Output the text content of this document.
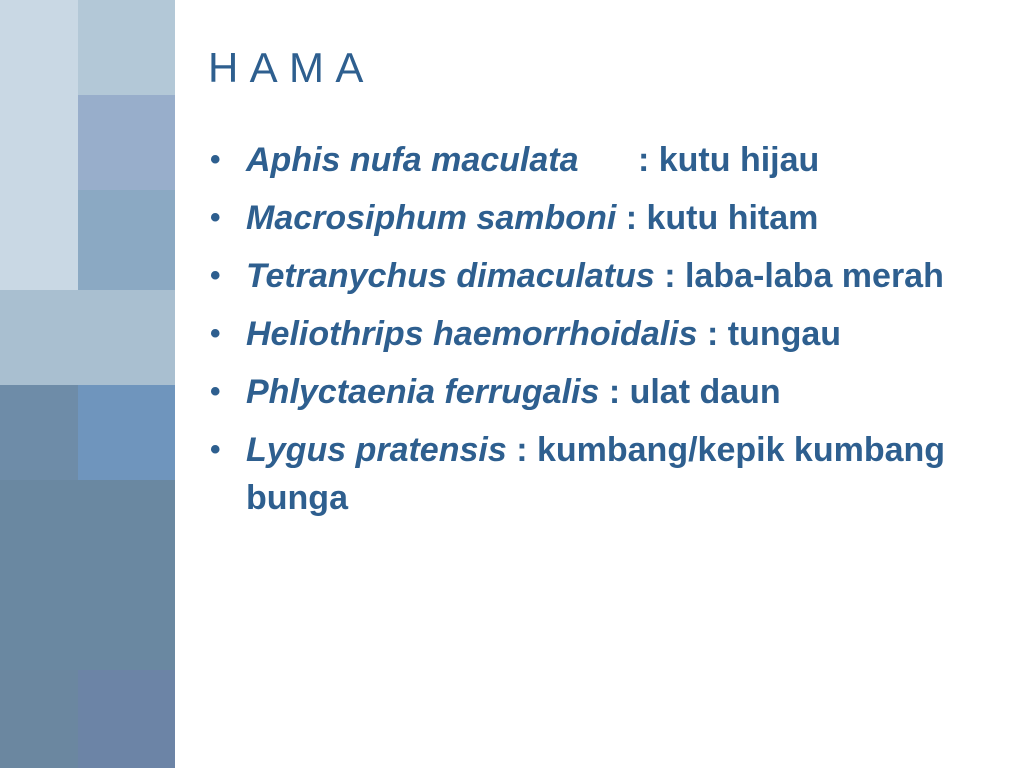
H A M A
• Aphis nufa maculata : kutu hijau
• Macrosiphum samboni : kutu hitam
• Tetranychus dimaculatus : laba-laba merah
• Heliothrips haemorrhoidalis : tungau
• Phlyctaenia ferrugalis : ulat daun
• Lygus pratensis : kumbang/kepik kumbang bunga
